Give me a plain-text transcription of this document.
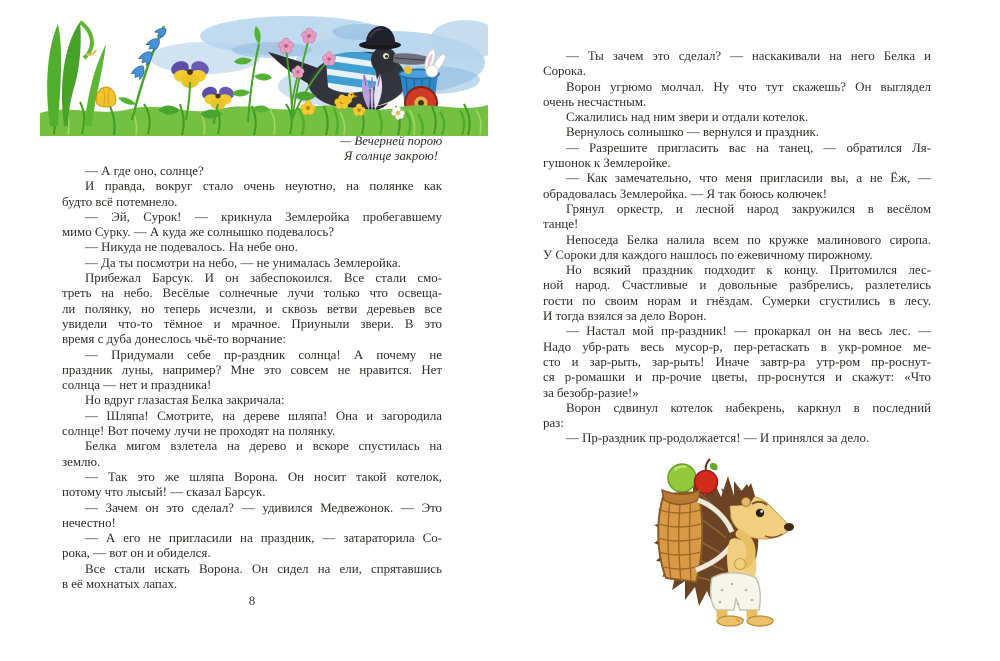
— Вечерней порою
Я солнце закрою!
— А где оно, солнце?
И правда, вокруг стало очень неуютно, на полянке как
будто всё потемнело.
— Эй, Сурок! — крикнула Землеройка пробегавшему
мимо Сурку. — А куда же солнышко подевалось?
— Никуда не подевалось. На небе оно.
— Да ты посмотри на небо, — не унималась Землеройка.
Прибежал Барсук. И он забеспокоился. Все стали смо-
треть на небо. Весёлые солнечные лучи только что освеща-
ли полянку, но теперь исчезли, и сквозь ветви деревьев все
увидели что-то тёмное и мрачное. Приуныли звери. В это
время с дуба донеслось чьё-то ворчание:
— Придумали себе пр-раздник солнца! А почему не
праздник луны, например? Мне это совсем не нравится. Нет
солнца — нет и праздника!
Но вдруг глазастая Белка закричала:
— Шляпа! Смотрите, на дереве шляпа! Она и загородила
солнце! Вот почему лучи не проходят на полянку.
Белка мигом взлетела на дерево и вскоре спустилась на
землю.
— Так это же шляпа Ворона. Он носит такой котелок,
потому что лысый! — сказал Барсук.
— Зачем он это сделал? — удивился Медвежонок. — Это
нечестно!
— А его не пригласили на праздник, — затараторила Со-
рока, — вот он и обиделся.
Все стали искать Ворона. Он сидел на ели, спрятавшись
в её мохнатых лапах.
8
— Ты зачем это сделал? — наскакивали на него Белка и
Сорока.
Ворон угрюмо молчал. Ну что тут скажешь? Он выглядел
очень несчастным.
Сжалились над ним звери и отдали котелок.
Вернулось солнышко — вернулся и праздник.
— Разрешите пригласить вас на танец, — обратился Ля-
гушонок к Землеройке.
— Как замечательно, что меня пригласили вы, а не Ёж, —
обрадовалась Землеройка. — Я так боюсь колючек!
Грянул оркестр, и лесной народ закружился в весёлом
танце!
Непоседа Белка налила всем по кружке малинового сиропа.
У Сороки для каждого нашлось по ежевичному пирожному.
Но всякий праздник подходит к концу. Притомился лес-
ной народ. Счастливые и довольные разбрелись, разлетелись
гости по своим норам и гнёздам. Сумерки сгустились в лесу.
И тогда взялся за дело Ворон.
— Настал мой пр-раздник! — прокаркал он на весь лес. —
Надо убр-рать весь мусор-р, пер-ретаскать в укр-ромное ме-
сто и зар-рыть, зар-рыть! Иначе завтр-ра утр-ром пр-роснут-
ся р-ромашки и пр-рочие цветы, пр-роснутся и скажут: «Что
за безобр-разие!»
Ворон сдвинул котелок набекрень, каркнул в последний
раз:
— Пр-раздник пр-родолжается! — И принялся за дело.
